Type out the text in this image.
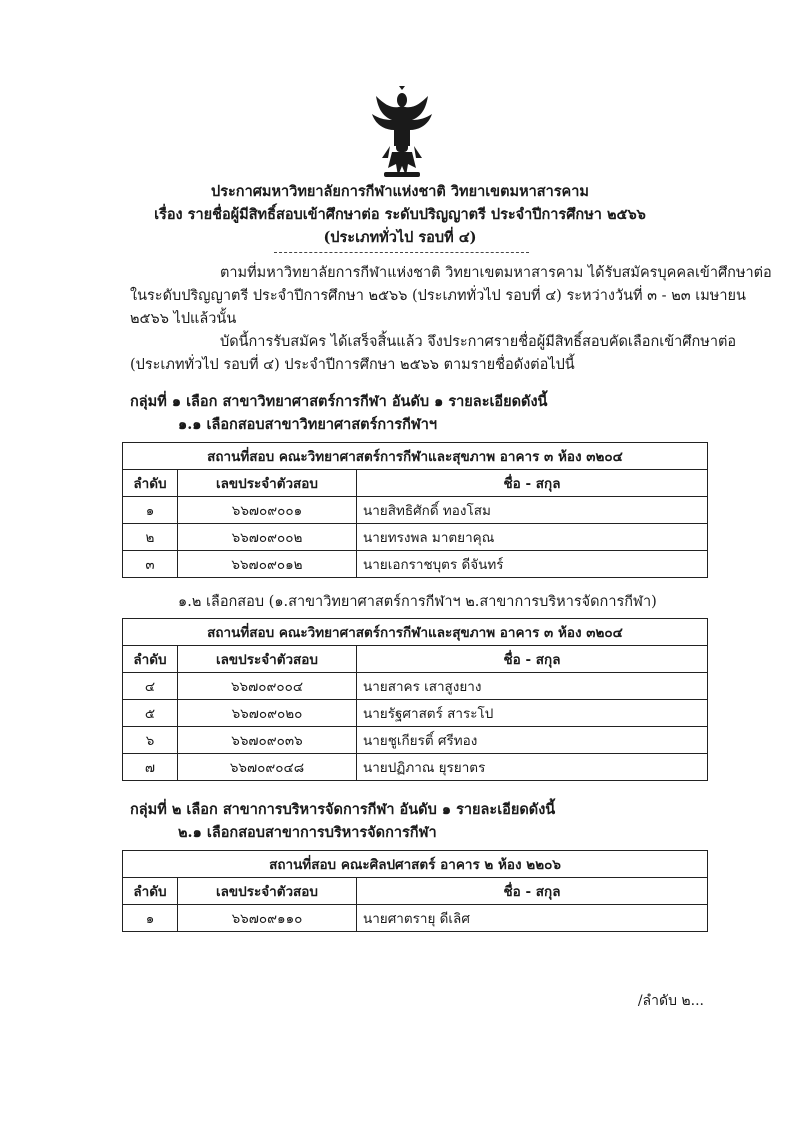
ประกาศมหาวิทยาลัยการกีฬาแห่งชาติ วิทยาเขตมหาสารคาม
เรื่อง รายชื่อผู้มีสิทธิ์สอบเข้าศึกษาต่อ ระดับปริญญาตรี ประจำปีการศึกษา ๒๕๖๖
(ประเภททั่วไป รอบที่ ๔)
ตามที่มหาวิทยาลัยการกีฬาแห่งชาติ วิทยาเขตมหาสารคาม ได้รับสมัครบุคคลเข้าศึกษาต่อ
ในระดับปริญญาตรี ประจำปีการศึกษา ๒๕๖๖ (ประเภททั่วไป รอบที่ ๔) ระหว่างวันที่ ๓ - ๒๓ เมษายน
๒๕๖๖ ไปแล้วนั้น
บัดนี้การรับสมัคร ได้เสร็จสิ้นแล้ว จึงประกาศรายชื่อผู้มีสิทธิ์สอบคัดเลือกเข้าศึกษาต่อ
(ประเภททั่วไป รอบที่ ๔) ประจำปีการศึกษา ๒๕๖๖ ตามรายชื่อดังต่อไปนี้
กลุ่มที่ ๑ เลือก สาขาวิทยาศาสตร์การกีฬา อันดับ ๑ รายละเอียดดังนี้
๑.๑ เลือกสอบสาขาวิทยาศาสตร์การกีฬาฯ
สถานที่สอบ คณะวิทยาศาสตร์การกีฬาและสุขภาพ อาคาร ๓ ห้อง ๓๒๐๔		
ลำดับ	เลขประจำตัวสอบ	ชื่อ - สกุล
๑	๖๖๗๐๙๐๐๑	นายสิทธิศักดิ์ ทองโสม
๒	๖๖๗๐๙๐๐๒	นายทรงพล มาตยาคุณ
๓	๖๖๗๐๙๐๑๒	นายเอกราชบุตร ดีจันทร์
๑.๒ เลือกสอบ (๑.สาขาวิทยาศาสตร์การกีฬาฯ ๒.สาขาการบริหารจัดการกีฬา)
สถานที่สอบ คณะวิทยาศาสตร์การกีฬาและสุขภาพ อาคาร ๓ ห้อง ๓๒๐๔		
ลำดับ	เลขประจำตัวสอบ	ชื่อ - สกุล
๔	๖๖๗๐๙๐๐๔	นายสาคร เสาสูงยาง
๕	๖๖๗๐๙๐๒๐	นายรัฐศาสตร์ สาระโป
๖	๖๖๗๐๙๐๓๖	นายชูเกียรติ์ ศรีทอง
๗	๖๖๗๐๙๐๔๘	นายปฏิภาณ ยุรยาตร
กลุ่มที่ ๒ เลือก สาขาการบริหารจัดการกีฬา อันดับ ๑ รายละเอียดดังนี้
๒.๑ เลือกสอบสาขาการบริหารจัดการกีฬา
สถานที่สอบ คณะศิลปศาสตร์ อาคาร ๒ ห้อง ๒๒๐๖		
ลำดับ	เลขประจำตัวสอบ	ชื่อ - สกุล
๑	๖๖๗๐๙๑๑๐	นายศาตรายุ ดีเลิศ
/ลำดับ ๒...
